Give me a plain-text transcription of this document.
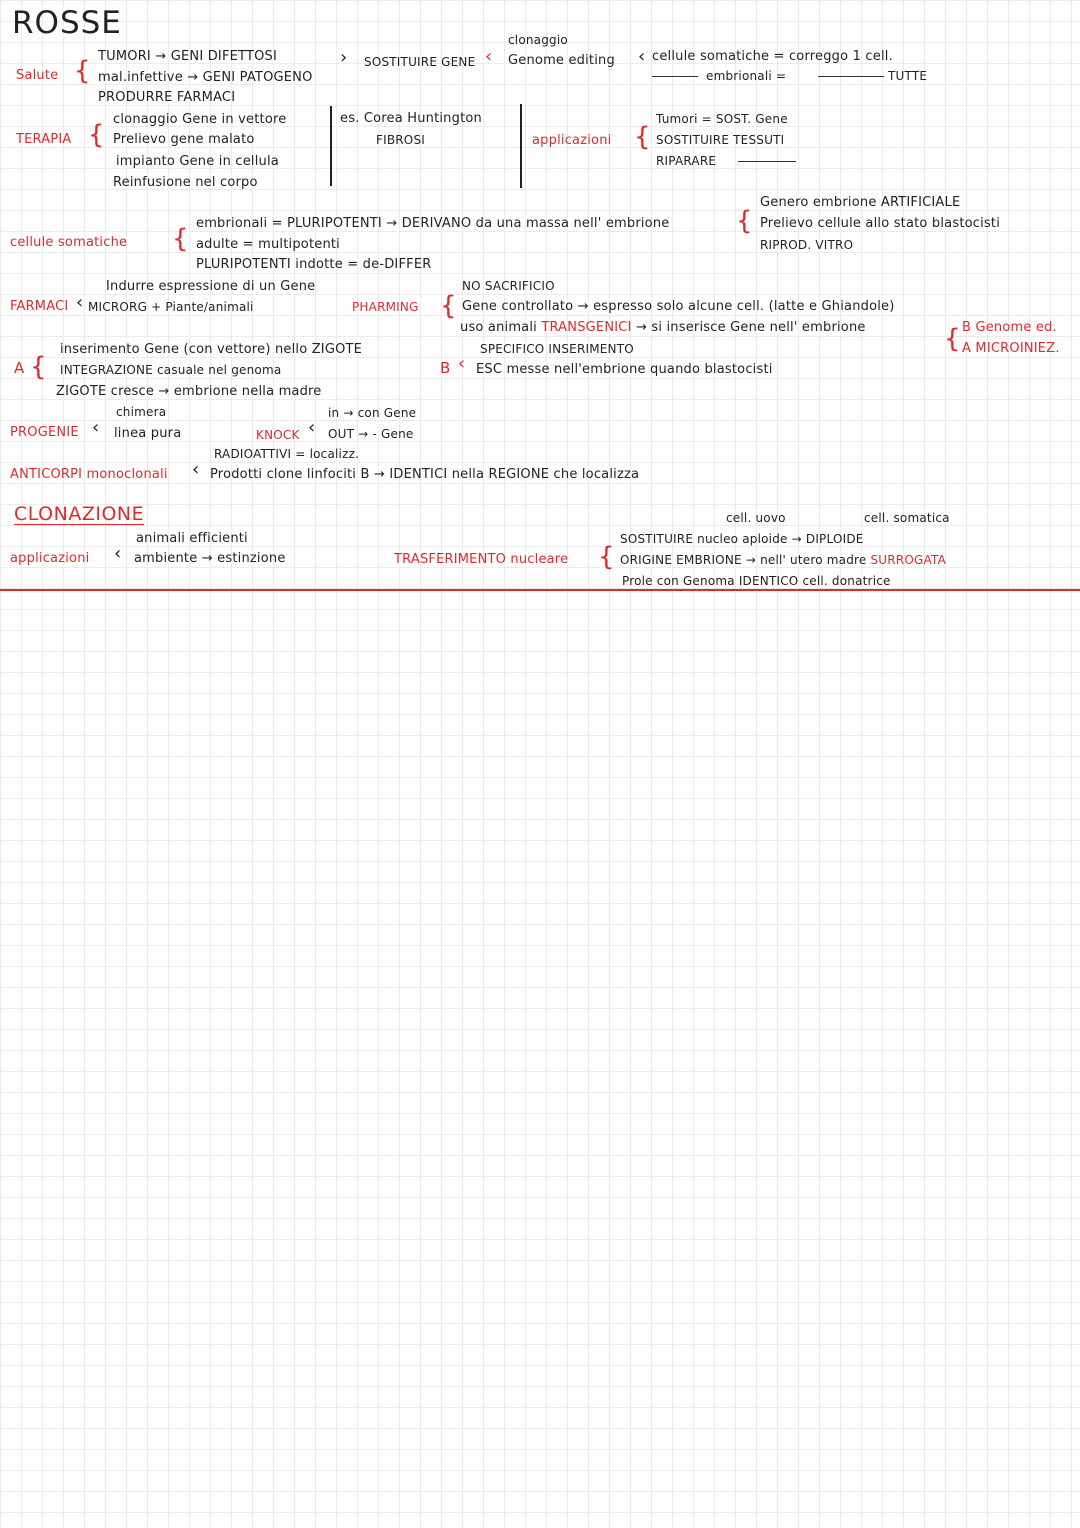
ROSSE
Salute { TUMORI → GENI DIFETTOSI
mal.infettive → GENI PATOGENO
PRODURRE FARMACI
› SOSTITUIRE GENE ‹
clonaggio
Genome editing ‹ cellule somatiche = correggo 1 cell.
embrionali =	TUTTE
TERAPIA {
clonaggio Gene in vettore
Prelievo gene malato
impianto Gene in cellula
Reinfusione nel corpo
es. Corea Huntington
FIBROSI	applicazioni {
Tumori = SOST. Gene
SOSTITUIRE TESSUTI
RIPARARE
cellule somatiche {
embrionali = PLURIPOTENTI → DERIVANO da una massa nell' embrione
adulte = multipotenti
PLURIPOTENTI indotte = de-DIFFER
{
Genero embrione ARTIFICIALE
Prelievo cellule allo stato blastocisti
RIPROD. VITRO
Indurre espressione di un Gene
FARMACI ‹ MICRORG + Piante/animali	PHARMING {
NO SACRIFICIO
Gene controllato → espresso solo alcune cell. (latte e Ghiandole)
uso animali TRANSGENICI → si inserisce Gene nell' embrione	{ B Genome ed.
A MICROINIEZ.
A {
inserimento Gene (con vettore) nello ZIGOTE
INTEGRAZIONE casuale nel genoma
ZIGOTE cresce → embrione nella madre
B ‹
SPECIFICO INSERIMENTO
ESC messe nell'embrione quando blastocisti
chimera
PROGENIE ‹ linea pura	KNOCK ‹
in → con Gene
OUT → - Gene
RADIOATTIVI = localizz.
ANTICORPI monoclonali ‹ Prodotti clone linfociti B → IDENTICI nella REGIONE che localizza
CLONAZIONE
animali efficienti
applicazioni ‹ ambiente → estinzione
cell. uovo	cell. somatica
TRASFERIMENTO nucleare {
SOSTITUIRE nucleo aploide → DIPLOIDE
ORIGINE EMBRIONE → nell' utero madre SURROGATA
Prole con Genoma IDENTICO cell. donatrice
